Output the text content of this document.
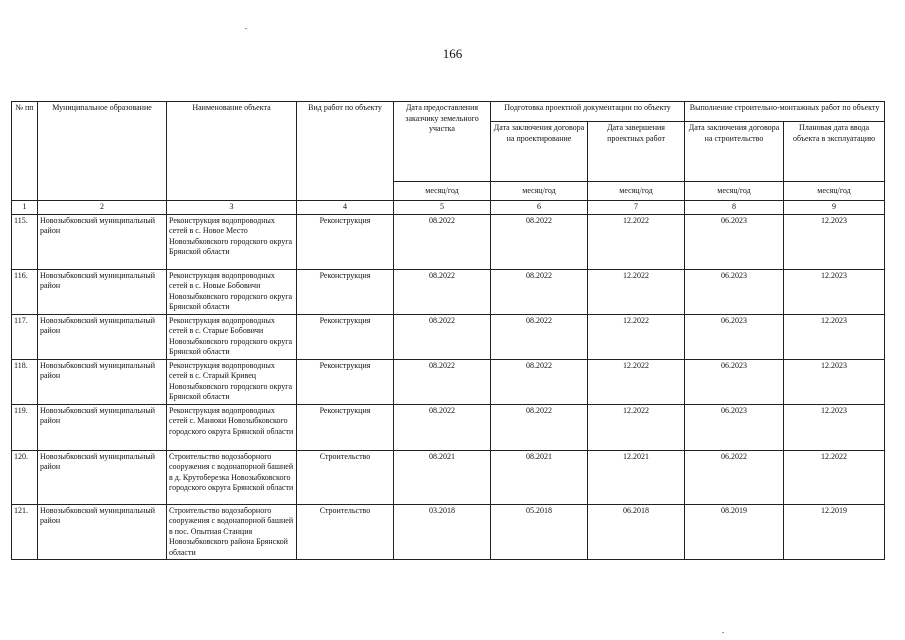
166
№ пп	Муниципальное образование	Наименование объекта	Вид работ по объекту	Дата предоставления заказчику земельного участка	Подготовка проектной документации по объекту		Выполнение строительно-монтажных работ по объекту	
					Дата заключения договора на проектирование	Дата завершения проектных работ	Дата заключения договора на строительство	Плановая дата ввода объекта в эксплуатацию
				месяц/год	месяц/год	месяц/год	месяц/год	месяц/год
1	2	3	4	5	6	7	8	9
115.	Новозыбковский муниципальный район	Реконструкция водопроводных сетей в с. Новое Место Новозыбковского городского округа Брянской области	Реконструкция	08.2022	08.2022	12.2022	06.2023	12.2023
116.	Новозыбковский муниципальный район	Реконструкция водопроводных сетей в с. Новые Бобовичи Новозыбковского городского округа Брянской области	Реконструкция	08.2022	08.2022	12.2022	06.2023	12.2023
117.	Новозыбковский муниципальный район	Реконструкция водопроводных сетей в с. Старые Бобовичи Новозыбковского городского округа Брянской области	Реконструкция	08.2022	08.2022	12.2022	06.2023	12.2023
118.	Новозыбковский муниципальный район	Реконструкция водопроводных сетей в с. Старый Кривец Новозыбковского городского округа Брянской области	Реконструкция	08.2022	08.2022	12.2022	06.2023	12.2023
119.	Новозыбковский муниципальный район	Реконструкция водопроводных сетей с. Манюки Новозыбковского городского округа Брянской области	Реконструкция	08.2022	08.2022	12.2022	06.2023	12.2023
120.	Новозыбковский муниципальный район	Строительство водозаборного сооружения с водонапорной башней в д. Крутоберезка Новозыбковского городского округа Брянской области	Строительство	08.2021	08.2021	12.2021	06.2022	12.2022
121.	Новозыбковский муниципальный район	Строительство водозаборного сооружения с водонапорной башней в пос. Опытная Станция Новозыбковского района Брянской области	Строительство	03.2018	05.2018	06.2018	08.2019	12.2019
